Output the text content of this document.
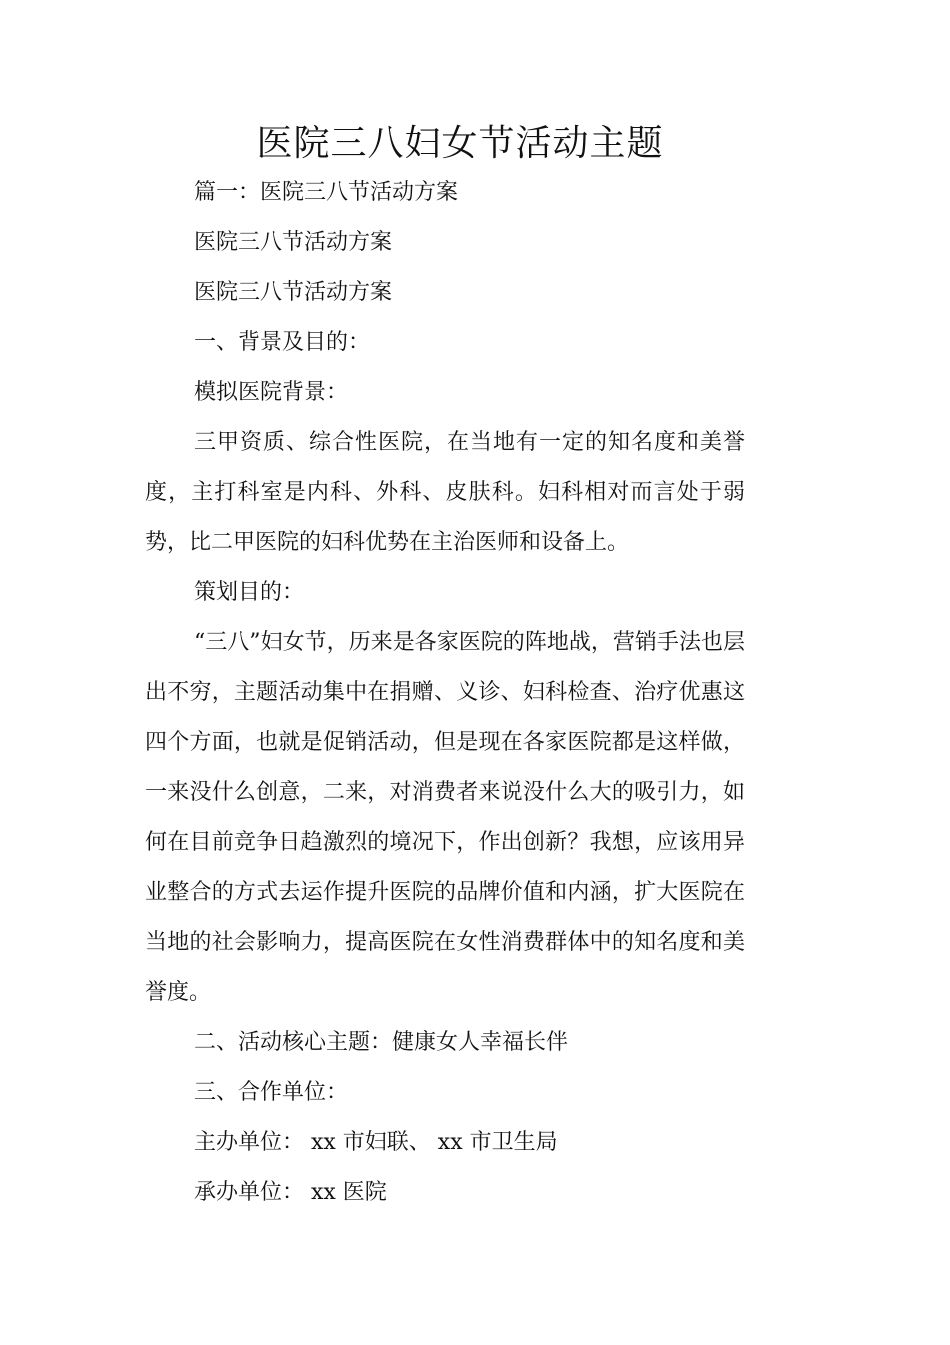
医院三八妇女节活动主题

篇一：医院三八节活动方案

医院三八节活动方案

医院三八节活动方案

一、背景及目的：

模拟医院背景：

三甲资质、综合性医院，在当地有一定的知名度和美誉度，主打科室是内科、外科、皮肤科。妇科相对而言处于弱势，比二甲医院的妇科优势在主治医师和设备上。

策划目的：

“三八”妇女节，历来是各家医院的阵地战，营销手法也层出不穷，主题活动集中在捐赠、义诊、妇科检查、治疗优惠这四个方面，也就是促销活动，但是现在各家医院都是这样做，一来没什么创意，二来，对消费者来说没什么大的吸引力，如何在目前竞争日趋激烈的境况下，作出创新？我想，应该用异业整合的方式去运作提升医院的品牌价值和内涵，扩大医院在当地的社会影响力，提高医院在女性消费群体中的知名度和美誉度。

二、活动核心主题：健康女人幸福长伴

三、合作单位：

主办单位： xx 市妇联、 xx 市卫生局

承办单位： xx 医院
